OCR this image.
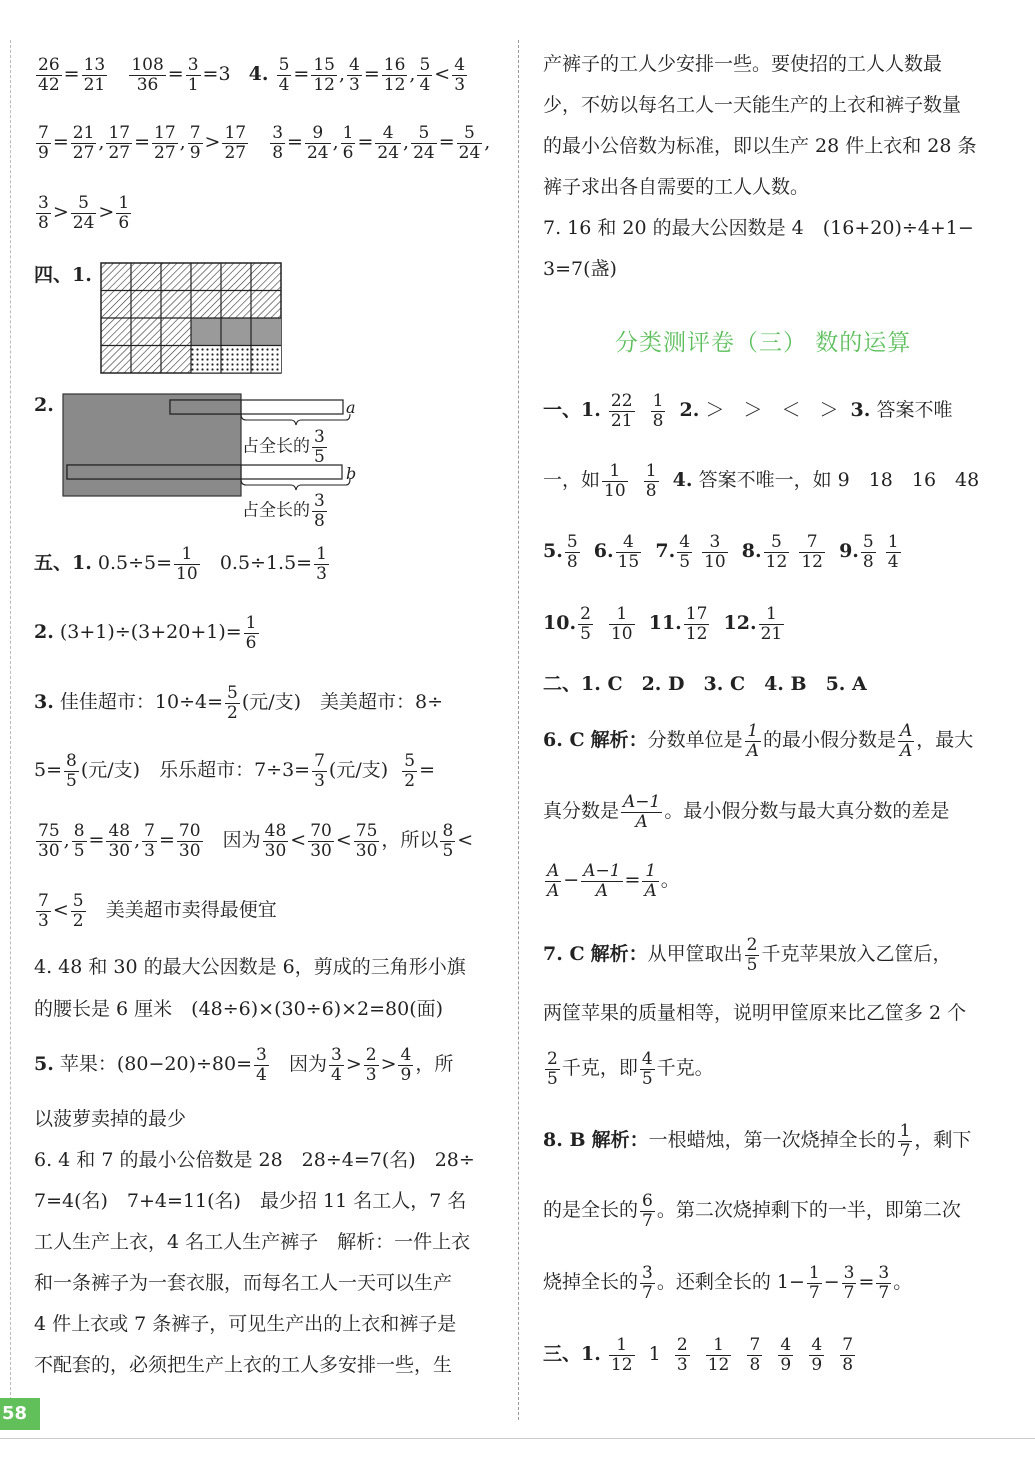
$\frac{26}{42} = \frac{13}{21}$
$\frac{108}{36} = \frac{3}{1} =3$ 4. $\frac{5}{4} = \frac{15}{12}$ , $\frac{4}{3} = \frac{16}{12}$ , $\frac{5}{4} < \frac{4}{3}$
$\frac{7}{9} = \frac{21}{27}$ , $\frac{17}{27} = \frac{17}{27}$ , $\frac{7}{9} > \frac{17}{27}$
$\frac{3}{8} = \frac{9}{24}$ , $\frac{1}{6} = \frac{4}{24}$ , $\frac{5}{24} = \frac{5}{24}$ ,
$\frac{3}{8} > \frac{5}{24} > \frac{1}{6}$
四、1.
2.	a
b
占全长的 $\frac{3}{5}$
占全长的 $\frac{3}{8}$
五、1. $0.5\div 5= \frac{1}{10} 0.5\div 1.5= \frac{1}{3}$
2. $(3+1)\div(3+20+1)= \frac{1}{6}$
3. 佳佳超市：$10\div 4= \frac{5}{2}$ (元/支)　美美超市：8÷
$5= \frac{8}{5}$ (元/支)　乐乐超市：$7\div 3= \frac{7}{3}$ (元/支) $\frac{5}{2}$ =
$\frac{75}{30}$ , $\frac{8}{5} = \frac{48}{30}$ , $\frac{7}{3} = \frac{70}{30}$ 因为 $\frac{48}{30} < \frac{70}{30} < \frac{75}{30}$ ，所以 $\frac{8}{5}$ <
$\frac{7}{3} < \frac{5}{2}$ 美美超市卖得最便宜
4. 48 和 30 的最大公因数是 6，剪成的三角形小旗
的腰长是 6 厘米　(48÷6)×(30÷6)×2=80(面)
5. 苹果：$(80-20)\div 80= \frac{3}{4}$ 因为 $\frac{3}{4} > \frac{2}{3} > \frac{4}{9}$ ，所
以菠萝卖掉的最少
6. 4 和 7 的最小公倍数是 28　28÷4=7(名)　28÷
7=4(名)　7+4=11(名)　最少招 11 名工人，7 名
工人生产上衣，4 名工人生产裤子　解析：一件上衣
和一条裤子为一套衣服，而每名工人一天可以生产
4 件上衣或 7 条裤子，可见生产出的上衣和裤子是
不配套的，必须把生产上衣的工人多安排一些，生
产裤子的工人少安排一些。要使招的工人人数最
少，不妨以每名工人一天能生产的上衣和裤子数量
的最小公倍数为标准，即以生产 28 件上衣和 28 条
裤子求出各自需要的工人人数。
7. 16 和 20 的最大公因数是 4　(16+20)÷4+1−
3=7(盏)
分类测评卷（三） 数的运算
一、1. $\frac{22}{21}$
$\frac{1}{8} 2$. ＞　＞　＜　＞ 3. 答案不唯
一，如 $\frac{1}{10}$
$\frac{1}{8} 4$. 答案不唯一，如 9　18　16　48
5. $\frac{5}{8} 6$. $\frac{4}{15} 7$. $\frac{4}{5}$
$\frac{3}{10} 8$. $\frac{5}{12}$
$\frac{7}{12} 9$. $\frac{5}{8}$
$\frac{1}{4}$
10. $\frac{2}{5}$
$\frac{1}{10} 11$. $\frac{17}{12} 12$. $\frac{1}{21}$
二、1. C　2. D　3. C　4. B　5. A
6. C 解析：分数单位是 $\frac{1}{A}$ 的最小假分数是 $\frac{A}{A}$ ，最大
真分数是 $\frac{A-1}{A}$ 。最小假分数与最大真分数的差是
$\frac{A}{A} - \frac{A-1}{A} = \frac{1}{A}$ 。
7. C 解析：从甲筐取出 $\frac{2}{5}$ 千克苹果放入乙筐后，
两筐苹果的质量相等，说明甲筐原来比乙筐多 2 个
$\frac{2}{5}$ 千克，即 $\frac{4}{5}$ 千克。
8. B 解析：一根蜡烛，第一次烧掉全长的 $\frac{1}{7}$ ，剩下
的是全长的 $\frac{6}{7}$ 。第二次烧掉剩下的一半，即第二次
烧掉全长的 $\frac{3}{7}$ 。还剩全长的 $1- \frac{1}{7} - \frac{3}{7} = \frac{3}{7}$ 。
三、1. $\frac{1}{12} 1 \frac{2}{3}$
$\frac{1}{12}$
$\frac{7}{8}$
$\frac{4}{9}$
$\frac{4}{9}$
$\frac{7}{8}$
58
